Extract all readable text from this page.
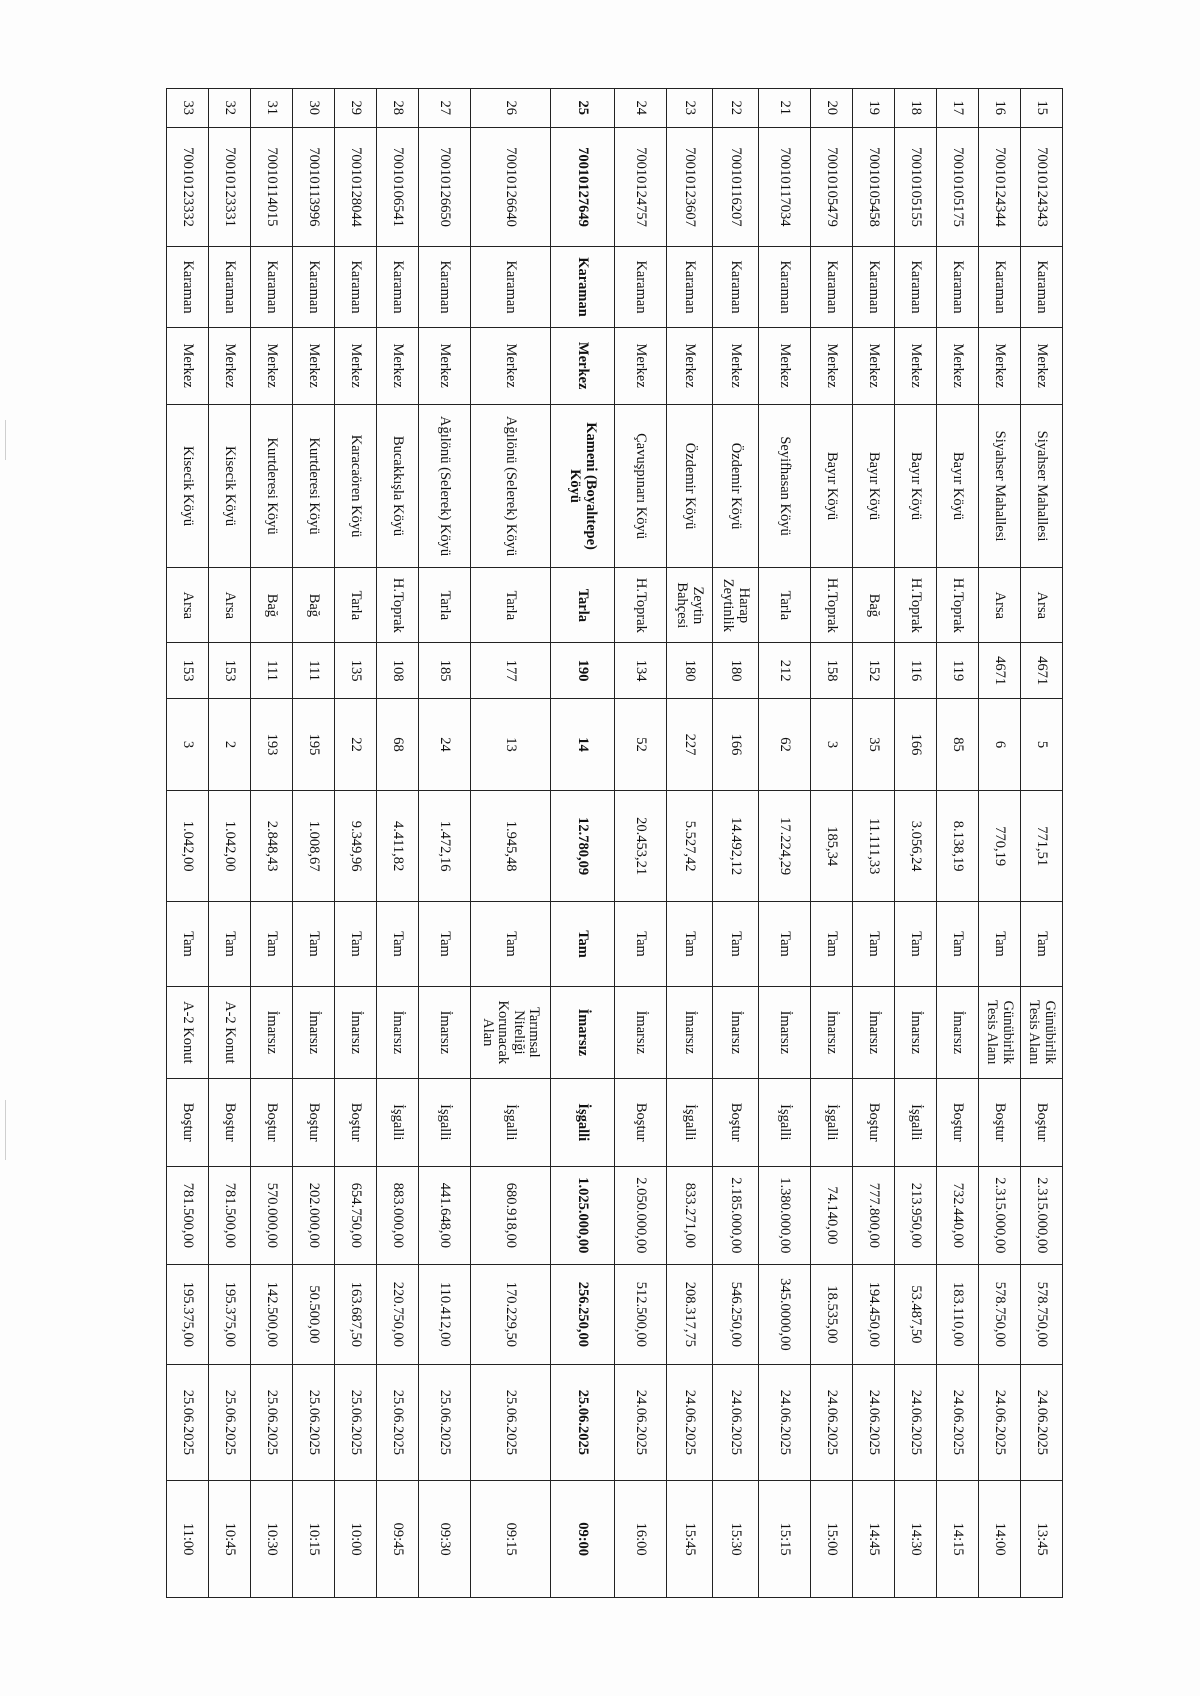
15	70010124343	Karaman	Merkez	Siyahser Mahallesi	Arsa	4671	5	771,51	Tam	Günübirlik Tesis Alanı	Boştur	2.315.000,00	578.750,00	24.06.2025	13:45
16	70010124344	Karaman	Merkez	Siyahser Mahallesi	Arsa	4671	6	770,19	Tam	Günübirlik Tesis Alanı	Boştur	2.315.000,00	578.750,00	24.06.2025	14:00
17	70010105175	Karaman	Merkez	Bayır Köyü	H.Toprak	119	85	8.138,19	Tam	İmarsız	Boştur	732.440,00	183.110,00	24.06.2025	14:15
18	70010105155	Karaman	Merkez	Bayır Köyü	H.Toprak	116	166	3.056,24	Tam	İmarsız	İşgalli	213.950,00	53.487,50	24.06.2025	14:30
19	70010105458	Karaman	Merkez	Bayır Köyü	Bağ	152	35	11.111,33	Tam	İmarsız	Boştur	777.800,00	194.450,00	24.06.2025	14:45
20	70010105479	Karaman	Merkez	Bayır Köyü	H.Toprak	158	3	185,34	Tam	İmarsız	İşgalli	74.140,00	18.535,00	24.06.2025	15:00
21	70010117034	Karaman	Merkez	Seyifhasan Köyü	Tarla	212	62	17.224,29	Tam	İmarsız	İşgalli	1.380.000,00	345.0000,00	24.06.2025	15:15
22	70010116207	Karaman	Merkez	Özdemir Köyü	Harap Zeytinlik	180	166	14.492,12	Tam	İmarsız	Boştur	2.185.000,00	546.250,00	24.06.2025	15:30
23	70010123607	Karaman	Merkez	Özdemir Köyü	Zeytin Bahçesi	180	227	5.527,42	Tam	İmarsız	İşgalli	833.271,00	208.317,75	24.06.2025	15:45
24	70010124757	Karaman	Merkez	Çavuşpınarı Köyü	H.Toprak	134	52	20.453,21	Tam	İmarsız	Boştur	2.050.000,00	512.500,00	24.06.2025	16:00
25	70010127649	Karaman	Merkez	Kameni (Boyalıtepe) Köyü	Tarla	190	14	12.780,09	Tam	İmarsız	İşgalli	1.025.000,00	256.250,00	25.06.2025	09:00
26	70010126640	Karaman	Merkez	Ağılönü (Selerek) Köyü	Tarla	177	13	1.945,48	Tam	Tarımsal Niteliği Korunacak Alan	İşgalli	680.918,00	170.229,50	25.06.2025	09:15
27	70010126650	Karaman	Merkez	Ağılönü (Selerek) Köyü	Tarla	185	24	1.472,16	Tam	İmarsız	İşgalli	441.648,00	110.412,00	25.06.2025	09:30
28	70010106541	Karaman	Merkez	Bucakkışla Köyü	H.Toprak	108	68	4.411,82	Tam	İmarsız	İşgalli	883.000,00	220.750,00	25.06.2025	09:45
29	70010128044	Karaman	Merkez	Karacaören Köyü	Tarla	135	22	9.349,96	Tam	İmarsız	Boştur	654.750,00	163.687,50	25.06.2025	10:00
30	70010113996	Karaman	Merkez	Kurtderesi Köyü	Bağ	111	195	1.008,67	Tam	İmarsız	Boştur	202.000,00	50.500,00	25.06.2025	10:15
31	70010114015	Karaman	Merkez	Kurtderesi Köyü	Bağ	111	193	2.848,43	Tam	İmarsız	Boştur	570.000,00	142.500,00	25.06.2025	10:30
32	70010123331	Karaman	Merkez	Kisecik Köyü	Arsa	153	2	1.042,00	Tam	A-2 Konut	Boştur	781.500,00	195.375,00	25.06.2025	10:45
33	70010123332	Karaman	Merkez	Kisecik Köyü	Arsa	153	3	1.042,00	Tam	A-2 Konut	Boştur	781.500,00	195.375,00	25.06.2025	11:00
